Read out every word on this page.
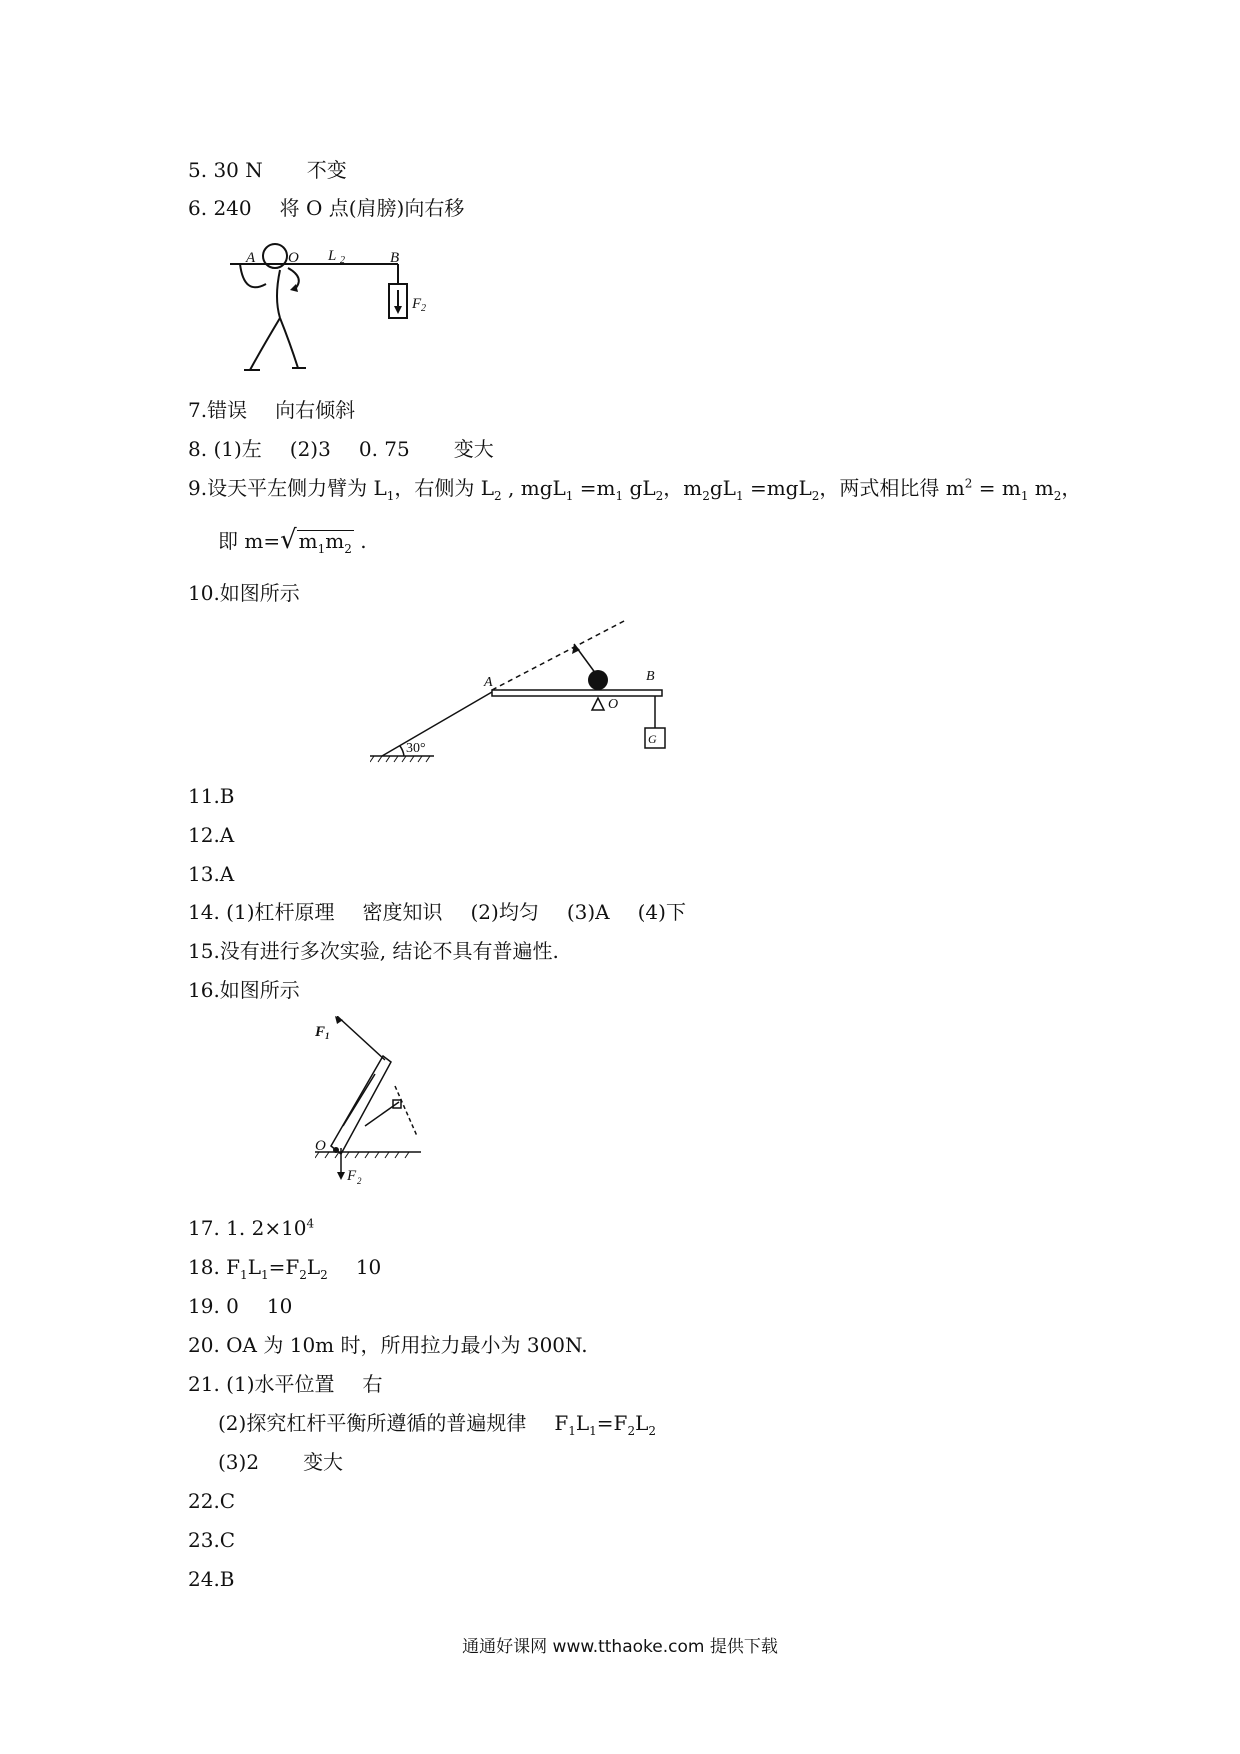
5. 30 N 不变
6. 240 将 O 点(肩膀)向右移
A O L 2	B
F 2
7.错误 向右倾斜
8. (1)左 (2)3 0. 75 变大
9.设天平左侧力臂为 $L_1$，右侧为 $L_2$ , $mgL_1 =m_1$ $gL_2$，$m_2gL_1 =mgL_2$，两式相比得 $m^2 = m_1$ $m_2$，
即 m=√ $m_1m_2$ .
10.如图所示
A	B
O
G
30°
11.B
12.A
13.A
14. (1)杠杆原理 密度知识 (2)均匀 (3)A (4)下
15.没有进行多次实验, 结论不具有普遍性.
16.如图所示
F 1
O
F 2
17. 1. $2\times 10^4$
18. $F_1L_1=F_2L_2$ 10
19. 0 10
20. OA 为 10m 时，所用拉力最小为 300N.
21. (1)水平位置 右
(2)探究杠杆平衡所遵循的普遍规律 $F_1L_1=F_2L_2$
(3)2 变大
22.C
23.C
24.B
通通好课网 www.tthaoke.com 提供下载
